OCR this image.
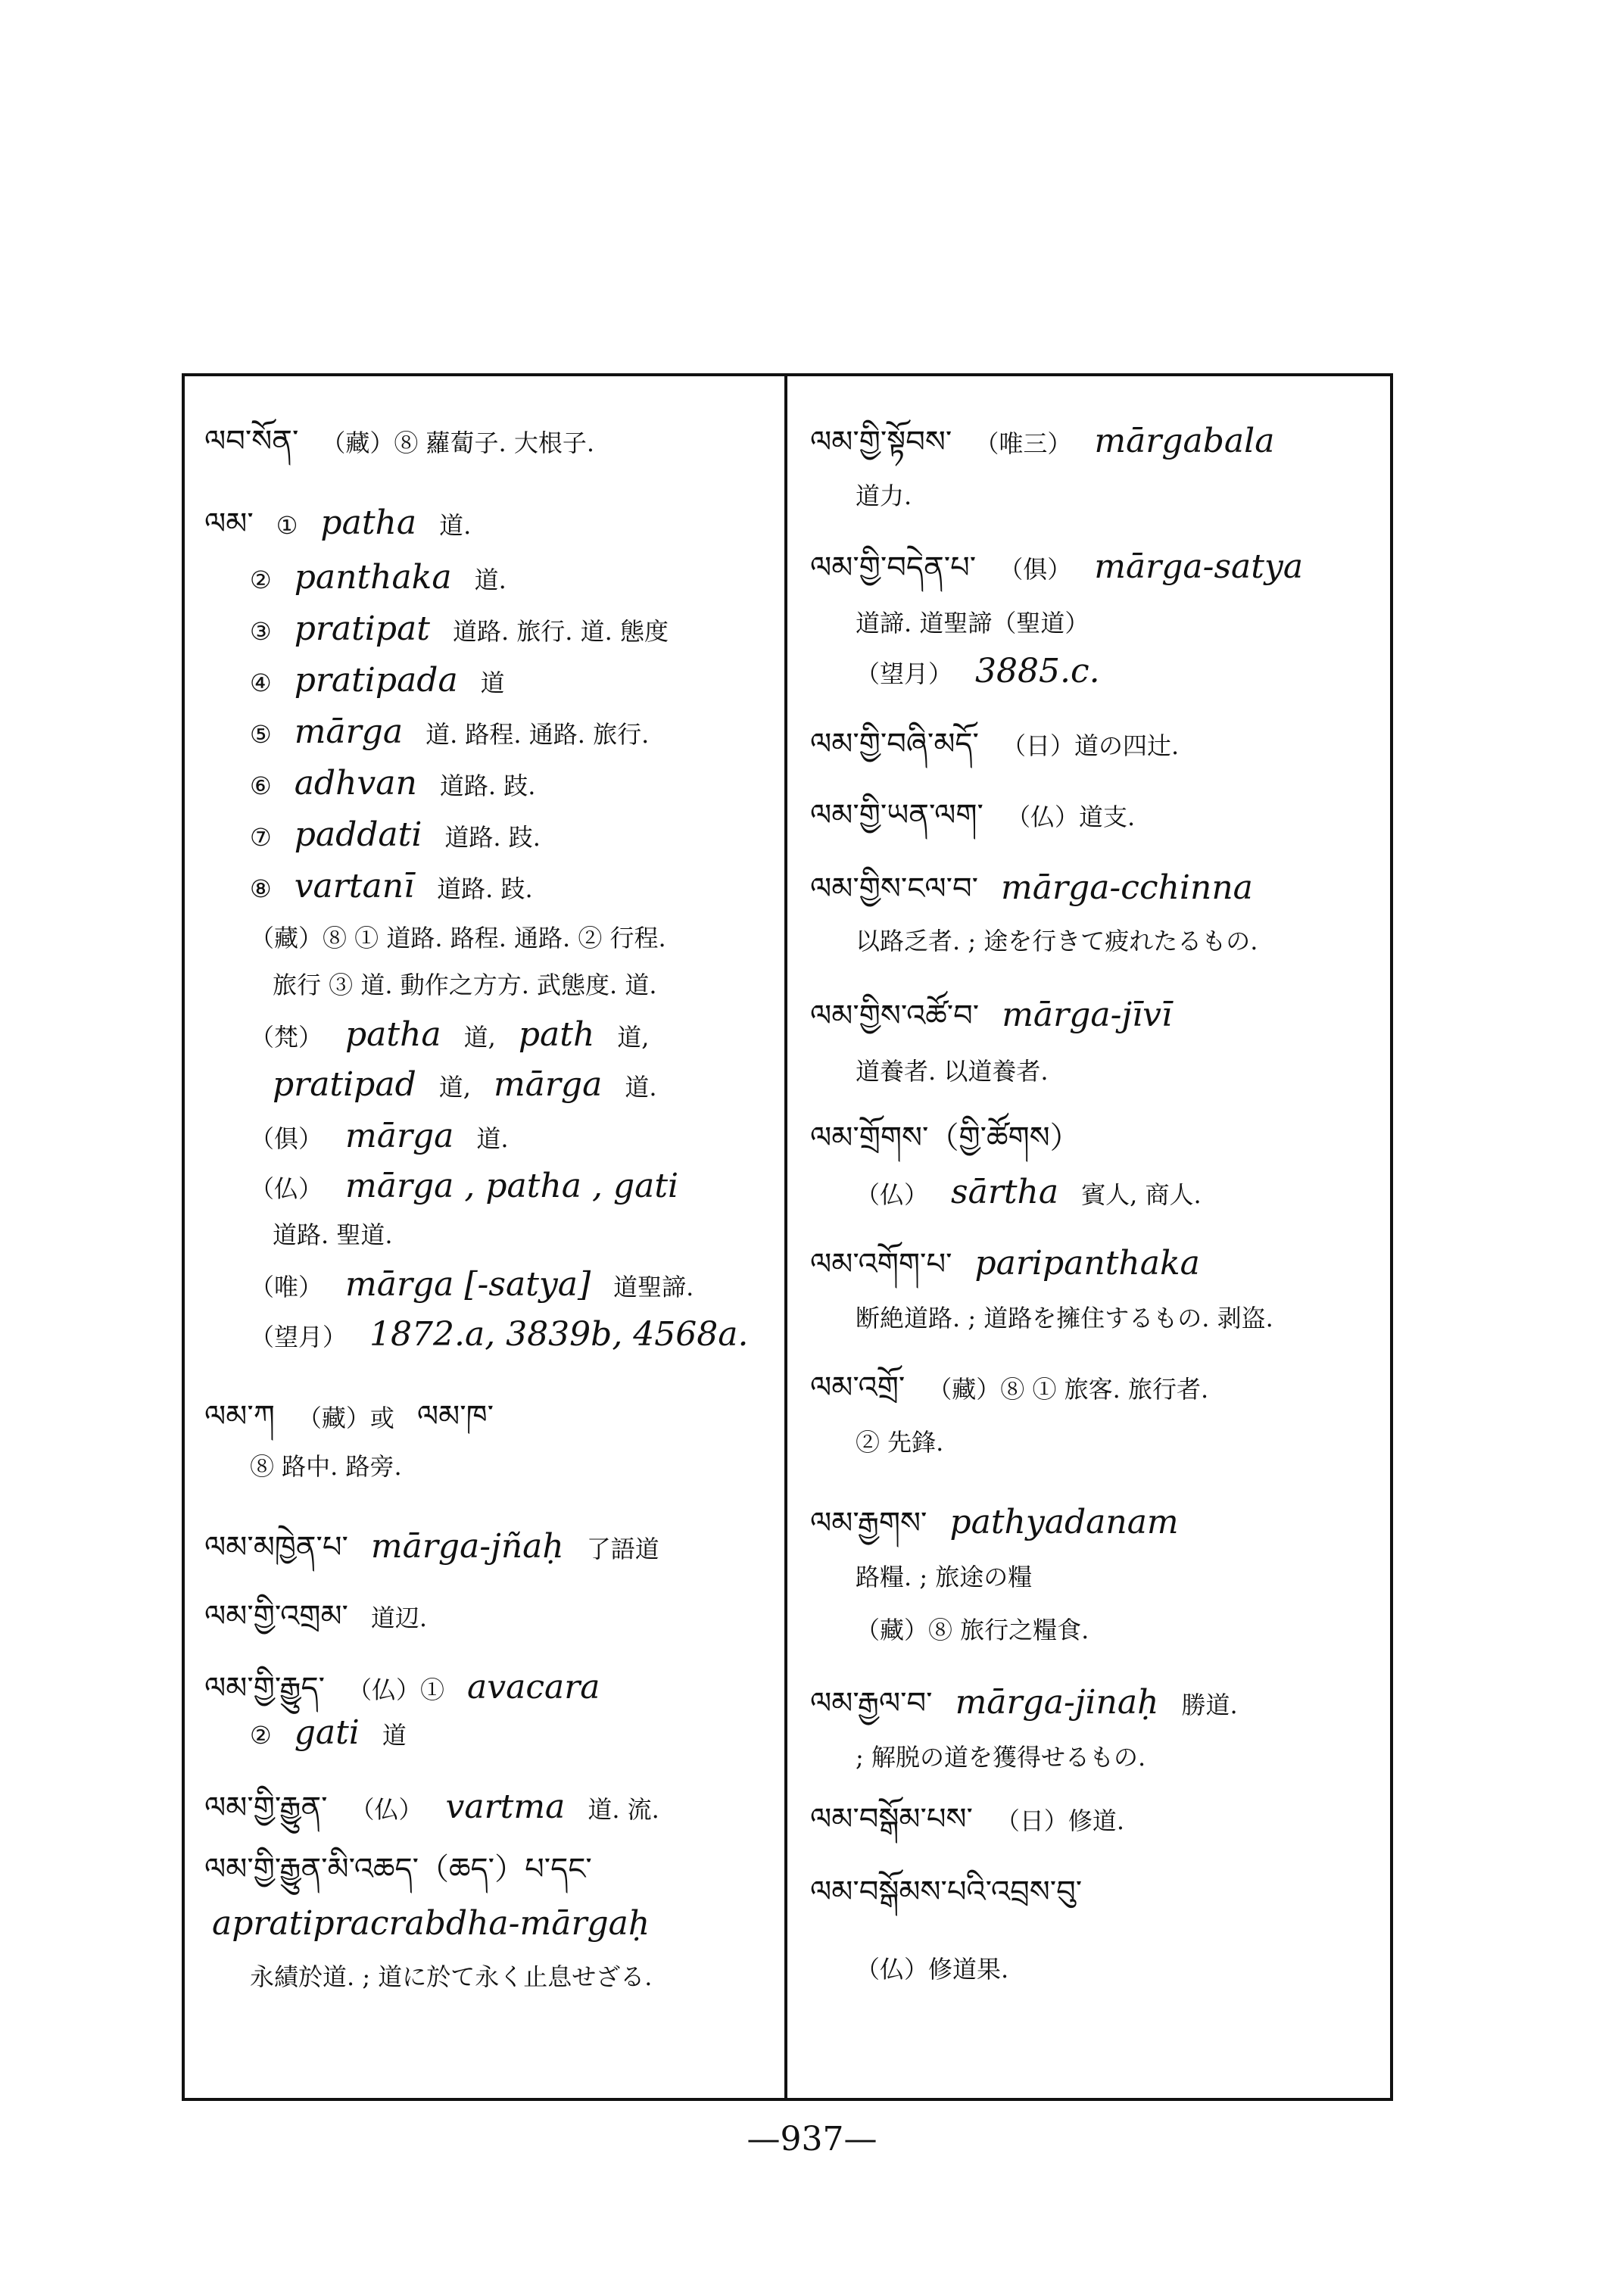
ལབ་སོན་ （藏）⑧ 蘿蔔子. 大根子.
ལམ་ ① patha 道.
② panthaka 道.
③ pratipat 道路. 旅行. 道. 態度
④ pratipada 道
⑤ mārga 道. 路程. 通路. 旅行.
⑥ adhvan 道路. 跂.
⑦ paddati 道路. 跂.
⑧ vartanī 道路. 跂.
（藏）⑧ ① 道路. 路程. 通路. ② 行程.
旅行 ③ 道. 動作之方方. 武態度. 道.
（梵） patha 道, path 道,
pratipad 道, mārga 道.
（俱） mārga 道.
（仏） mārga , patha , gati
道路. 聖道.
（唯） mārga [-satya] 道聖諦.
（望月） 1872.a, 3839b, 4568a.
ལམ་ཀ （藏）或 ལམ་ཁ་
⑧ 路中. 路旁.
ལམ་མཁྱེན་པ་ mārga-jñaḥ 了語道
ལམ་གྱི་འགྲམ་ 道辺.
ལམ་གྱི་རྒྱུད་ （仏）① avacara
② gati 道
ལམ་གྱི་རྒྱུན་ （仏） vartma 道. 流.
ལམ་གྱི་རྒྱུན་མི་འཆད་（ཆད་）པ་དང་
apratipracrabdha-mārgaḥ
永績於道. ; 道に於て永く止息せざる.
ལམ་གྱི་སྟོབས་ （唯三） mārgabala
道力.
ལམ་གྱི་བདེན་པ་ （俱） mārga-satya
道諦. 道聖諦（聖道）
（望月） 3885.c.
ལམ་གྱི་བཞི་མདོ་ （日）道の四辻.
ལམ་གྱི་ཡན་ལག་ （仏）道支.
ལམ་གྱིས་ངལ་བ་ mārga-cchinna
以路乏者. ; 途を行きて疲れたるもの.
ལམ་གྱིས་འཚོ་བ་ mārga-jīvī
道養者. 以道養者.
ལམ་གྲོགས་（གྱི་ཚོགས）
（仏） sārtha 賓人, 商人.
ལམ་འགོག་པ་ paripanthaka
断絶道路. ; 道路を擁住するもの. 剥盗.
ལམ་འགྲོ་ （藏）⑧ ① 旅客. 旅行者.
② 先鋒.
ལམ་རྒྱགས་ pathyadanam
路糧. ; 旅途の糧
（藏）⑧ 旅行之糧食.
ལམ་རྒྱལ་བ་ mārga-jinaḥ 勝道.
; 解脱の道を獲得せるもの.
ལམ་བསྒོམ་པས་ （日）修道.
ལམ་བསྒོམས་པའི་འབྲས་བུ་
（仏）修道果.
—937—
